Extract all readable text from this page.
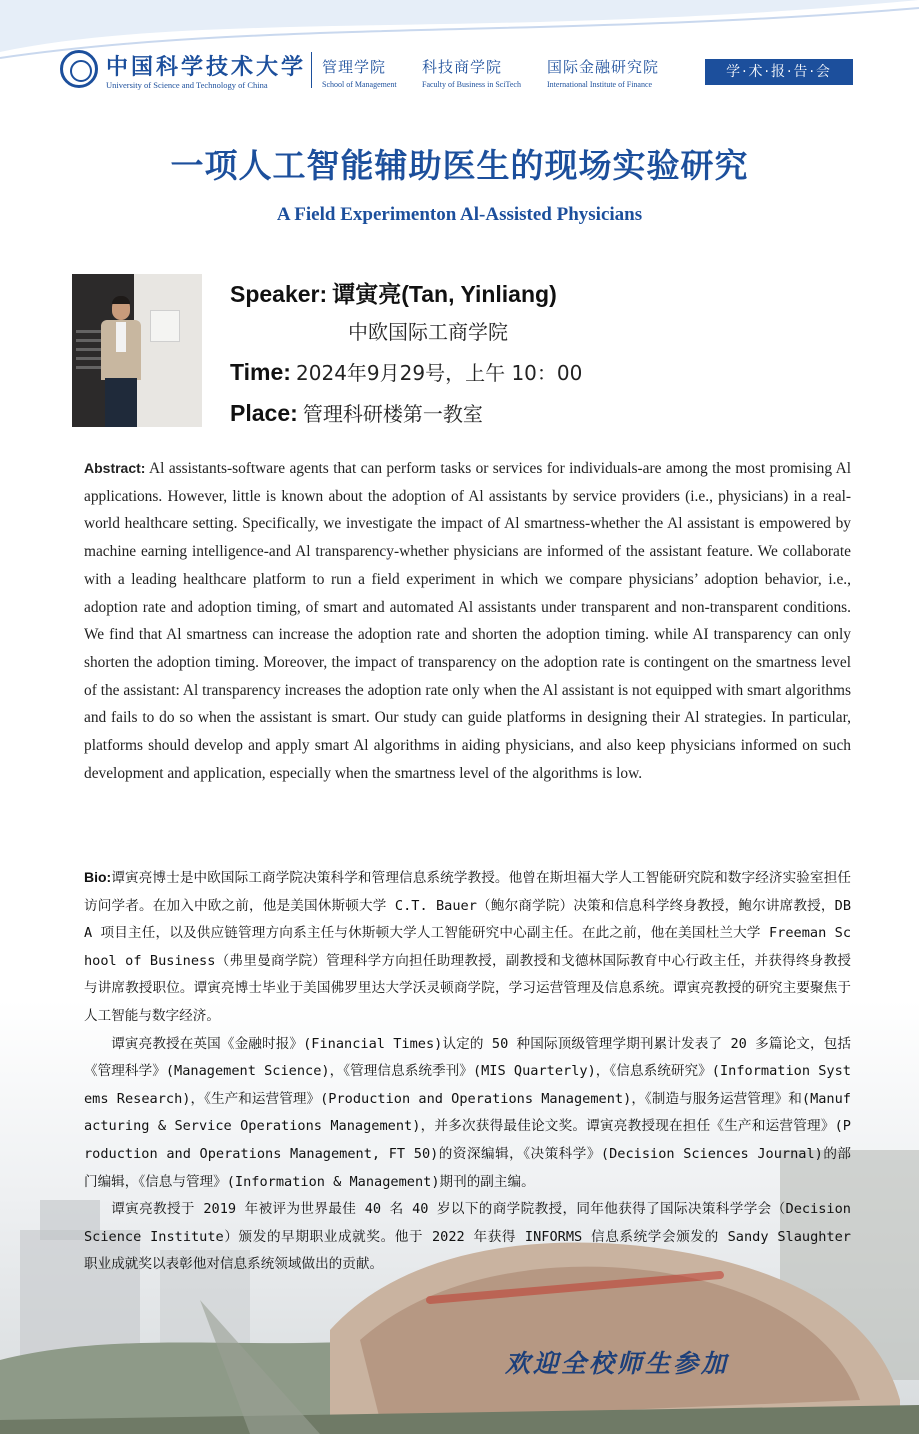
中国科学技术大学
University of Science and Technology of China
管理学院
School of Management
科技商学院
Faculty of Business in SciTech
国际金融研究院
International Institute of Finance
学·术·报·告·会
一项人工智能辅助医生的现场实验研究
A Field Experimenton Al-Assisted Physicians
Speaker: 谭寅亮(Tan, Yinliang)
中欧国际工商学院
Time: 2024年9月29号，上午 10：00
Place: 管理科研楼第一教室
Abstract: Al assistants-software agents that can perform tasks or services for individuals-are among the most promising Al applications. However, little is known about the adoption of Al assistants by service providers (i.e., physicians) in a real-world healthcare setting. Specifically, we investigate the impact of Al smartness-whether the Al assistant is empowered by machine earning intelligence-and Al transparency-whether physicians are informed of the assistant feature. We collaborate with a leading healthcare platform to run a field experiment in which we compare physicians’ adoption behavior, i.e., adoption rate and adoption timing, of smart and automated Al assistants under transparent and non-transparent conditions. We find that Al smartness can increase the adoption rate and shorten the adoption timing. while AI transparency can only shorten the adoption timing. Moreover, the impact of transparency on the adoption rate is contingent on the smartness level of the assistant: Al transparency increases the adoption rate only when the Al assistant is not equipped with smart algorithms and fails to do so when the assistant is smart. Our study can guide platforms in designing their Al strategies. In particular, platforms should develop and apply smart Al algorithms in aiding physicians, and also keep physicians informed on such development and application, especially when the smartness level of the algorithms is low.

Bio:谭寅亮博士是中欧国际工商学院决策科学和管理信息系统学教授。他曾在斯坦福大学人工智能研究院和数字经济实验室担任访问学者。在加入中欧之前，他是美国休斯顿大学 C.T. Bauer（鲍尔商学院）决策和信息科学终身教授，鲍尔讲席教授，DBA 项目主任，以及供应链管理方向系主任与休斯顿大学人工智能研究中心副主任。在此之前，他在美国杜兰大学 Freeman School of Business（弗里曼商学院）管理科学方向担任助理教授，副教授和戈德林国际教育中心行政主任，并获得终身教授与讲席教授职位。谭寅亮博士毕业于美国佛罗里达大学沃灵顿商学院，学习运营管理及信息系统。谭寅亮教授的研究主要聚焦于人工智能与数字经济。

谭寅亮教授在英国《金融时报》(Financial Times)认定的 50 种国际顶级管理学期刊累计发表了 20 多篇论文，包括《管理科学》(Management Science)，《管理信息系统季刊》(MIS Quarterly)，《信息系统研究》(Information Systems Research)，《生产和运营管理》(Production and Operations Management)，《制造与服务运营管理》和(Manufacturing & Service Operations Management)，并多次获得最佳论文奖。谭寅亮教授现在担任《生产和运营管理》(Production and Operations Management, FT 50)的资深编辑，《决策科学》(Decision Sciences Journal)的部门编辑，《信息与管理》(Information & Management)期刊的副主编。

谭寅亮教授于 2019 年被评为世界最佳 40 名 40 岁以下的商学院教授，同年他获得了国际决策科学学会（Decision Science Institute）颁发的早期职业成就奖。他于 2022 年获得 INFORMS 信息系统学会颁发的 Sandy Slaughter 职业成就奖以表彰他对信息系统领域做出的贡献。

欢迎全校师生参加
